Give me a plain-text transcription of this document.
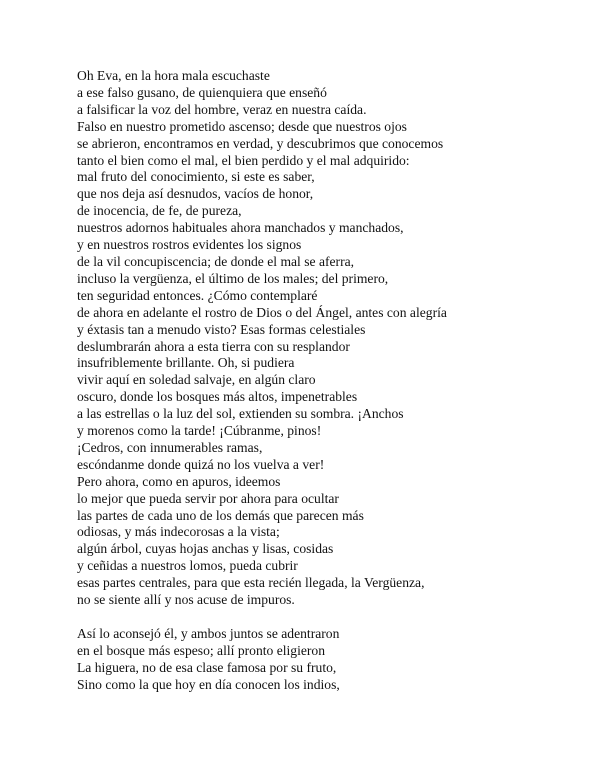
Oh Eva, en la hora mala escuchaste
a ese falso gusano, de quienquiera que enseñó
a falsificar la voz del hombre, veraz en nuestra caída.
Falso en nuestro prometido ascenso; desde que nuestros ojos
se abrieron, encontramos en verdad, y descubrimos que conocemos
tanto el bien como el mal, el bien perdido y el mal adquirido:
mal fruto del conocimiento, si este es saber,
que nos deja así desnudos, vacíos de honor,
de inocencia, de fe, de pureza,
nuestros adornos habituales ahora manchados y manchados,
y en nuestros rostros evidentes los signos
de la vil concupiscencia; de donde el mal se aferra,
incluso la vergüenza, el último de los males; del primero,
ten seguridad entonces. ¿Cómo contemplaré
de ahora en adelante el rostro de Dios o del Ángel, antes con alegría
y éxtasis tan a menudo visto? Esas formas celestiales
deslumbrarán ahora a esta tierra con su resplandor
insufriblemente brillante. Oh, si pudiera
vivir aquí en soledad salvaje, en algún claro
oscuro, donde los bosques más altos, impenetrables
a las estrellas o la luz del sol, extienden su sombra. ¡Anchos
y morenos como la tarde! ¡Cúbranme, pinos!
¡Cedros, con innumerables ramas,
escóndanme donde quizá no los vuelva a ver!
Pero ahora, como en apuros, ideemos
lo mejor que pueda servir por ahora para ocultar
las partes de cada uno de los demás que parecen más
odiosas, y más indecorosas a la vista;
algún árbol, cuyas hojas anchas y lisas, cosidas
y ceñidas a nuestros lomos, pueda cubrir
esas partes centrales, para que esta recién llegada, la Vergüenza,
no se siente allí y nos acuse de impuros.

Así lo aconsejó él, y ambos juntos se adentraron
en el bosque más espeso; allí pronto eligieron
La higuera, no de esa clase famosa por su fruto,
Sino como la que hoy en día conocen los indios,
